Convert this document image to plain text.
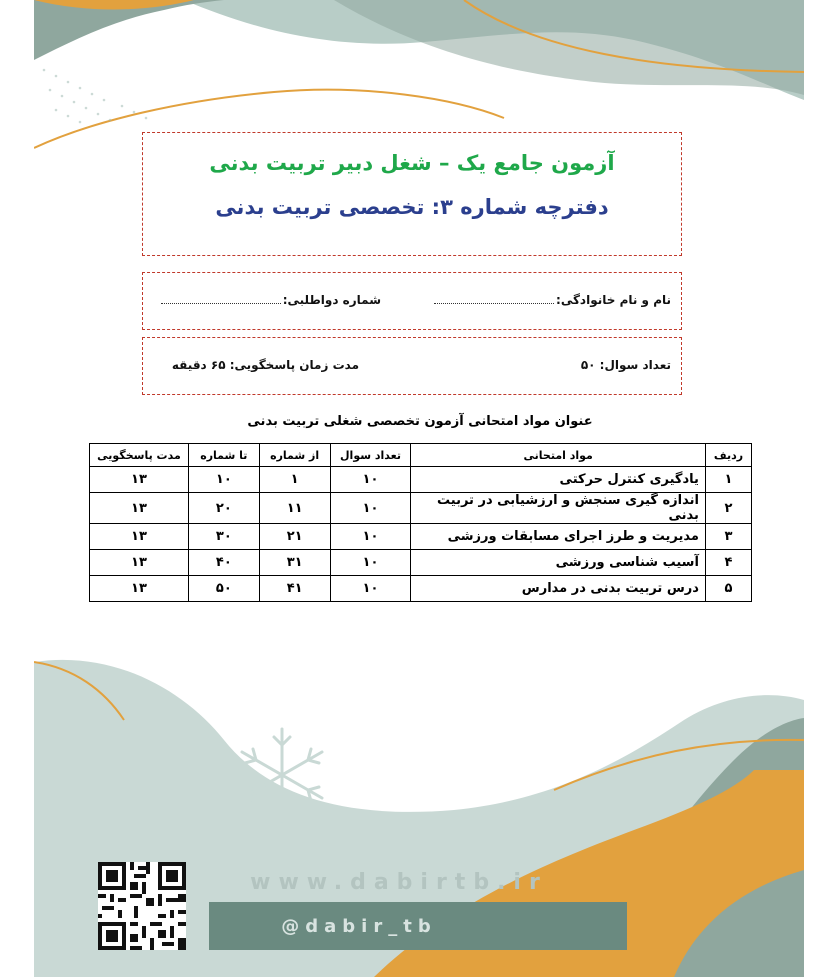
آزمون جامع یک – شغل دبیر تربیت بدنی
دفترچه شماره ۳: تخصصی تربیت بدنی
نام و نام خانوادگی:
شماره دواطلبی:
تعداد سوال: ۵۰
مدت زمان پاسخگویی: ۶۵ دقیقه
عنوان مواد امتحانی آزمون تخصصی شغلی تربیت بدنی
ردیف	مواد امتحانی	تعداد سوال	از شماره	تا شماره	مدت پاسخگویی
۱	یادگیری کنترل حرکتی	۱۰	۱	۱۰	۱۳
۲	اندازه گیری سنجش و ارزشیابی در تربیت بدنی	۱۰	۱۱	۲۰	۱۳
۳	مدیریت و طرز اجرای مسابقات ورزشی	۱۰	۲۱	۳۰	۱۳
۴	آسیب شناسی ورزشی	۱۰	۳۱	۴۰	۱۳
۵	درس تربیت بدنی در مدارس	۱۰	۴۱	۵۰	۱۳
www.dabirtb.ir
@dabir_tb
